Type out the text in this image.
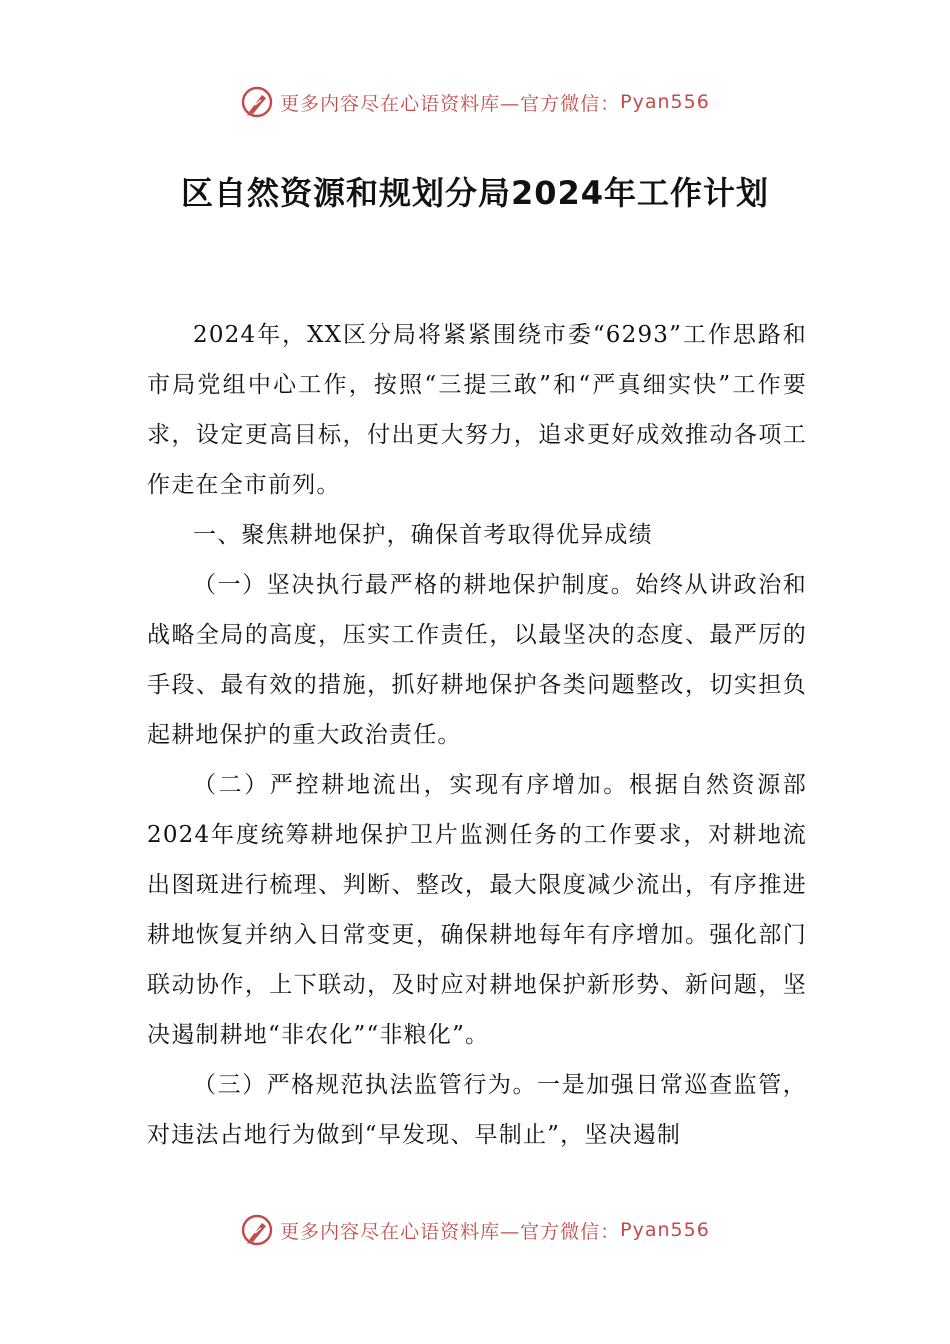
更多内容尽在心语资料库—官方微信： Pyan556
区自然资源和规划分局2024年工作计划

2024年，XX区分局将紧紧围绕市委“6293”工作思路和市局党组中心工作，按照“三提三敢”和“严真细实快”工作要求，设定更高目标，付出更大努力，追求更好成效推动各项工作走在全市前列。

一、聚焦耕地保护，确保首考取得优异成绩

（一）坚决执行最严格的耕地保护制度。始终从讲政治和战略全局的高度，压实工作责任，以最坚决的态度、最严厉的手段、最有效的措施，抓好耕地保护各类问题整改，切实担负起耕地保护的重大政治责任。

（二）严控耕地流出，实现有序增加。根据自然资源部2024年度统筹耕地保护卫片监测任务的工作要求，对耕地流出图斑进行梳理、判断、整改，最大限度减少流出，有序推进耕地恢复并纳入日常变更，确保耕地每年有序增加。强化部门联动协作，上下联动，及时应对耕地保护新形势、新问题，坚决遏制耕地“非农化”“非粮化”。

（三）严格规范执法监管行为。一是加强日常巡查监管，对违法占地行为做到“早发现、早制止”，坚决遏制

更多内容尽在心语资料库—官方微信： Pyan556
